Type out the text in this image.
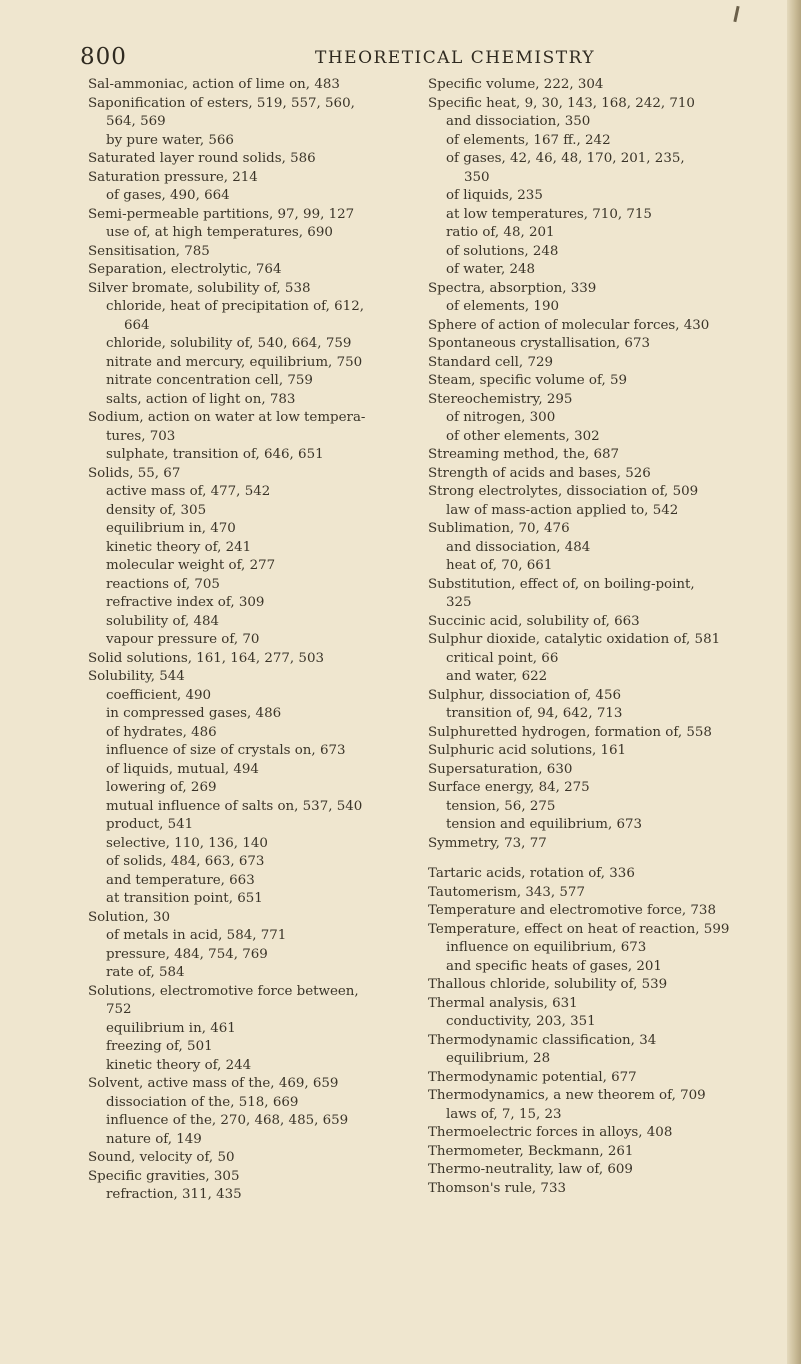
800	THEORETICAL CHEMISTRY
Sal-ammoniac, action of lime on, 483
Saponification of esters, 519, 557, 560,
564, 569
by pure water, 566
Saturated layer round solids, 586
Saturation pressure, 214
of gases, 490, 664
Semi-permeable partitions, 97, 99, 127
use of, at high temperatures, 690
Sensitisation, 785
Separation, electrolytic, 764
Silver bromate, solubility of, 538
chloride, heat of precipitation of, 612,
664
chloride, solubility of, 540, 664, 759
nitrate and mercury, equilibrium, 750
nitrate concentration cell, 759
salts, action of light on, 783
Sodium, action on water at low tempera-
tures, 703
sulphate, transition of, 646, 651
Solids, 55, 67
active mass of, 477, 542
density of, 305
equilibrium in, 470
kinetic theory of, 241
molecular weight of, 277
reactions of, 705
refractive index of, 309
solubility of, 484
vapour pressure of, 70
Solid solutions, 161, 164, 277, 503
Solubility, 544
coefficient, 490
in compressed gases, 486
of hydrates, 486
influence of size of crystals on, 673
of liquids, mutual, 494
lowering of, 269
mutual influence of salts on, 537, 540
product, 541
selective, 110, 136, 140
of solids, 484, 663, 673
and temperature, 663
at transition point, 651
Solution, 30
of metals in acid, 584, 771
pressure, 484, 754, 769
rate of, 584
Solutions, electromotive force between,
752
equilibrium in, 461
freezing of, 501
kinetic theory of, 244
Solvent, active mass of the, 469, 659
dissociation of the, 518, 669
influence of the, 270, 468, 485, 659
nature of, 149
Sound, velocity of, 50
Specific gravities, 305
refraction, 311, 435
Specific volume, 222, 304
Specific heat, 9, 30, 143, 168, 242, 710
and dissociation, 350
of elements, 167 ff., 242
of gases, 42, 46, 48, 170, 201, 235,
350
of liquids, 235
at low temperatures, 710, 715
ratio of, 48, 201
of solutions, 248
of water, 248
Spectra, absorption, 339
of elements, 190
Sphere of action of molecular forces, 430
Spontaneous crystallisation, 673
Standard cell, 729
Steam, specific volume of, 59
Stereochemistry, 295
of nitrogen, 300
of other elements, 302
Streaming method, the, 687
Strength of acids and bases, 526
Strong electrolytes, dissociation of, 509
law of mass-action applied to, 542
Sublimation, 70, 476
and dissociation, 484
heat of, 70, 661
Substitution, effect of, on boiling-point,
325
Succinic acid, solubility of, 663
Sulphur dioxide, catalytic oxidation of, 581
critical point, 66
and water, 622
Sulphur, dissociation of, 456
transition of, 94, 642, 713
Sulphuretted hydrogen, formation of, 558
Sulphuric acid solutions, 161
Supersaturation, 630
Surface energy, 84, 275
tension, 56, 275
tension and equilibrium, 673
Symmetry, 73, 77
Tartaric acids, rotation of, 336
Tautomerism, 343, 577
Temperature and electromotive force, 738
Temperature, effect on heat of reaction, 599
influence on equilibrium, 673
and specific heats of gases, 201
Thallous chloride, solubility of, 539
Thermal analysis, 631
conductivity, 203, 351
Thermodynamic classification, 34
equilibrium, 28
Thermodynamic potential, 677
Thermodynamics, a new theorem of, 709
laws of, 7, 15, 23
Thermoelectric forces in alloys, 408
Thermometer, Beckmann, 261
Thermo-neutrality, law of, 609
Thomson's rule, 733
